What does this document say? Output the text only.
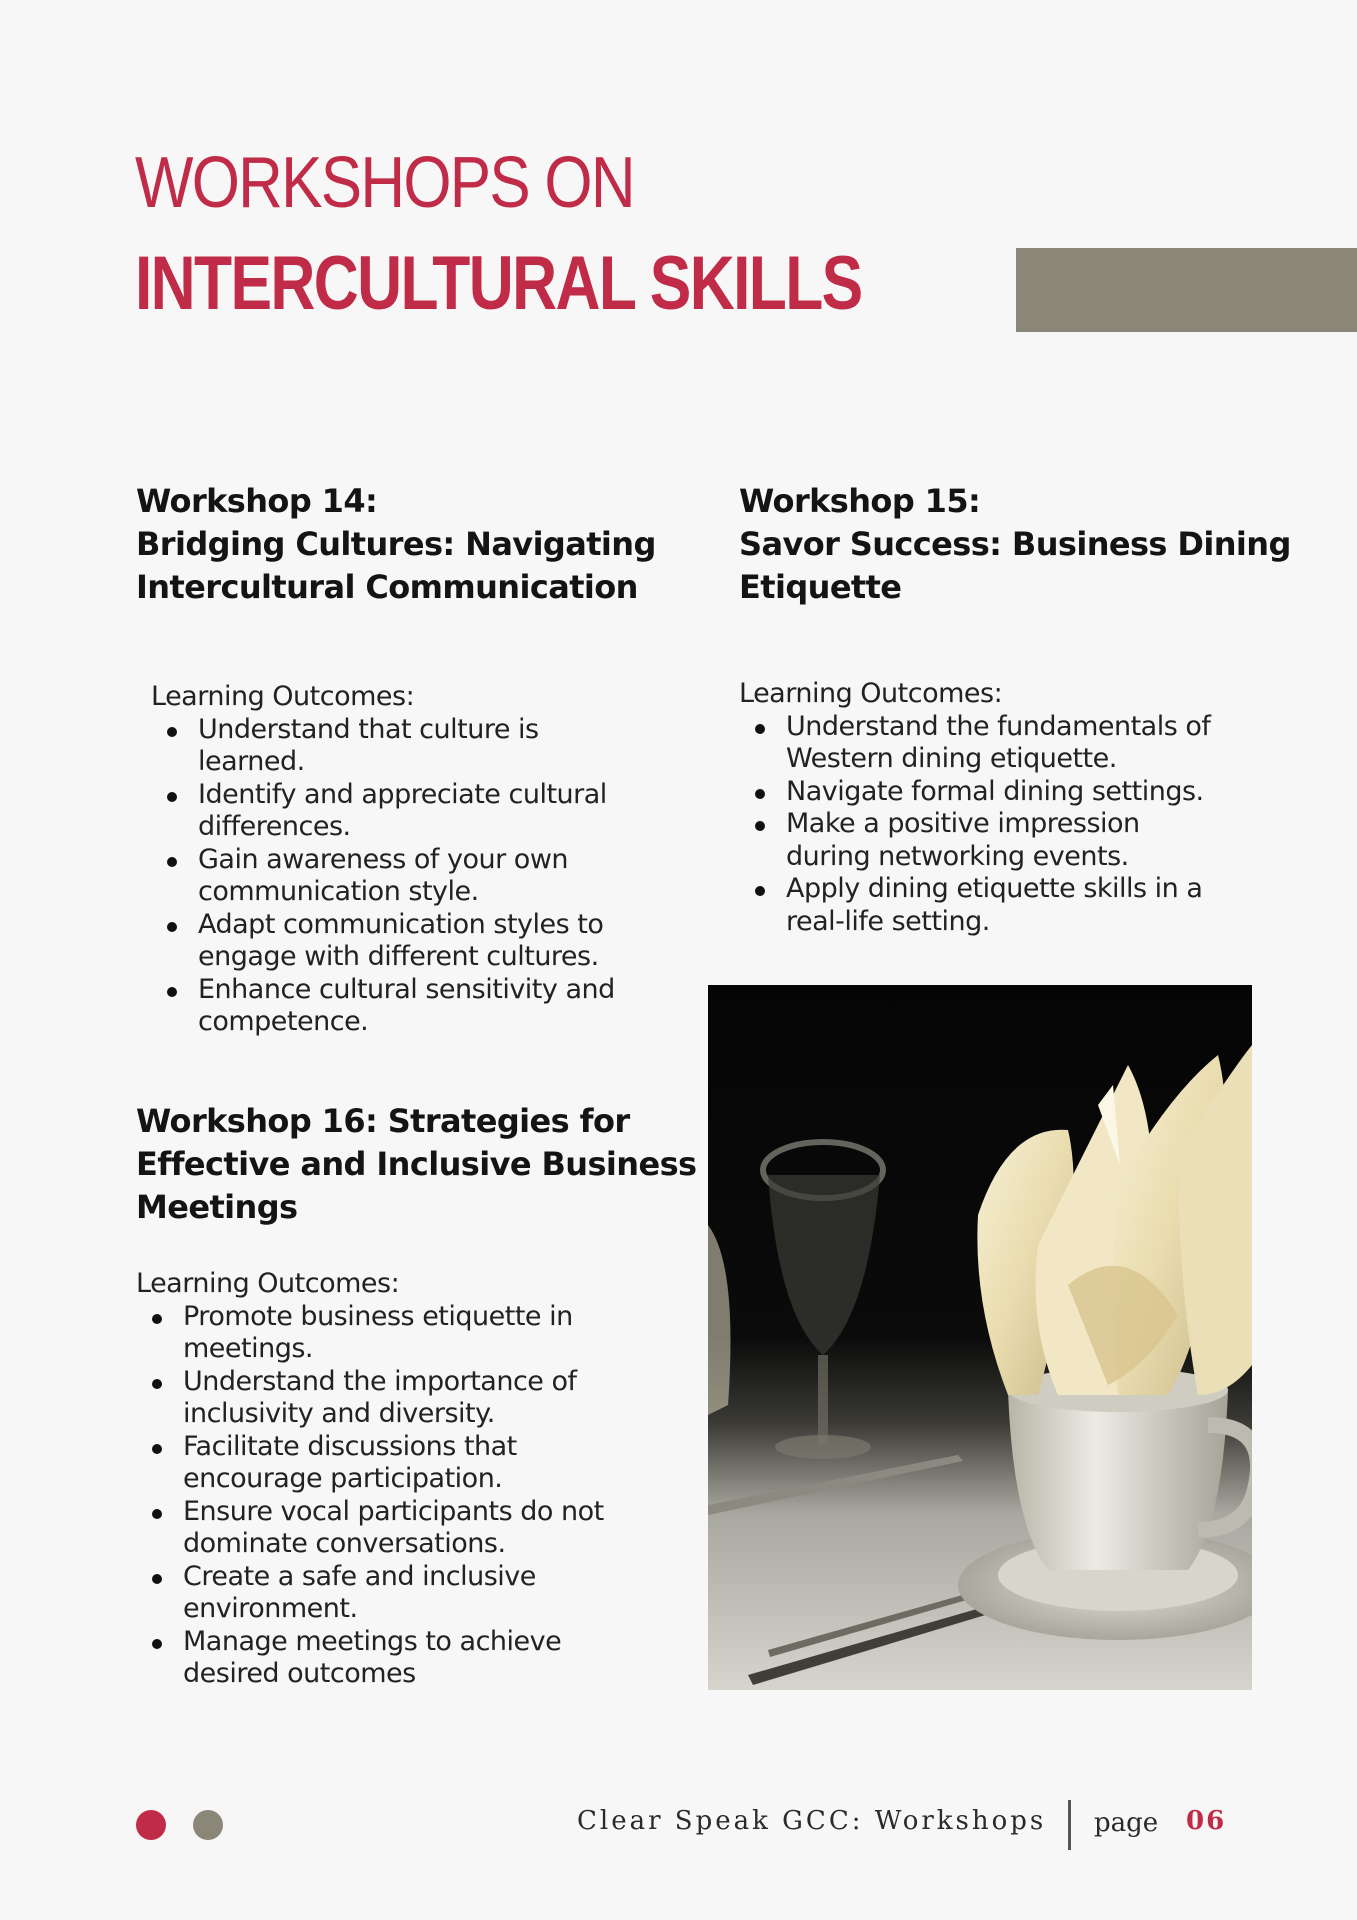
WORKSHOPS ON
INTERCULTURAL SKILLS
Workshop 14:
Bridging Cultures: Navigating
Intercultural Communication
Learning Outcomes:
Understand that culture is learned.
Identify and appreciate cultural differences.
Gain awareness of your own communication style.
Adapt communication styles to engage with different cultures.
Enhance cultural sensitivity and competence.
Workshop 15:
Savor Success: Business Dining
Etiquette
Learning Outcomes:
Understand the fundamentals of Western dining etiquette.
Navigate formal dining settings.
Make a positive impression during networking events.
Apply dining etiquette skills in a real-life setting.
Workshop 16: Strategies for
Effective and Inclusive Business
Meetings
Learning Outcomes:
Promote business etiquette in meetings.
Understand the importance of inclusivity and diversity.
Facilitate discussions that encourage participation.
Ensure vocal participants do not dominate conversations.
Create a safe and inclusive environment.
Manage meetings to achieve desired outcomes
Clear Speak GCC: Workshops page 06
